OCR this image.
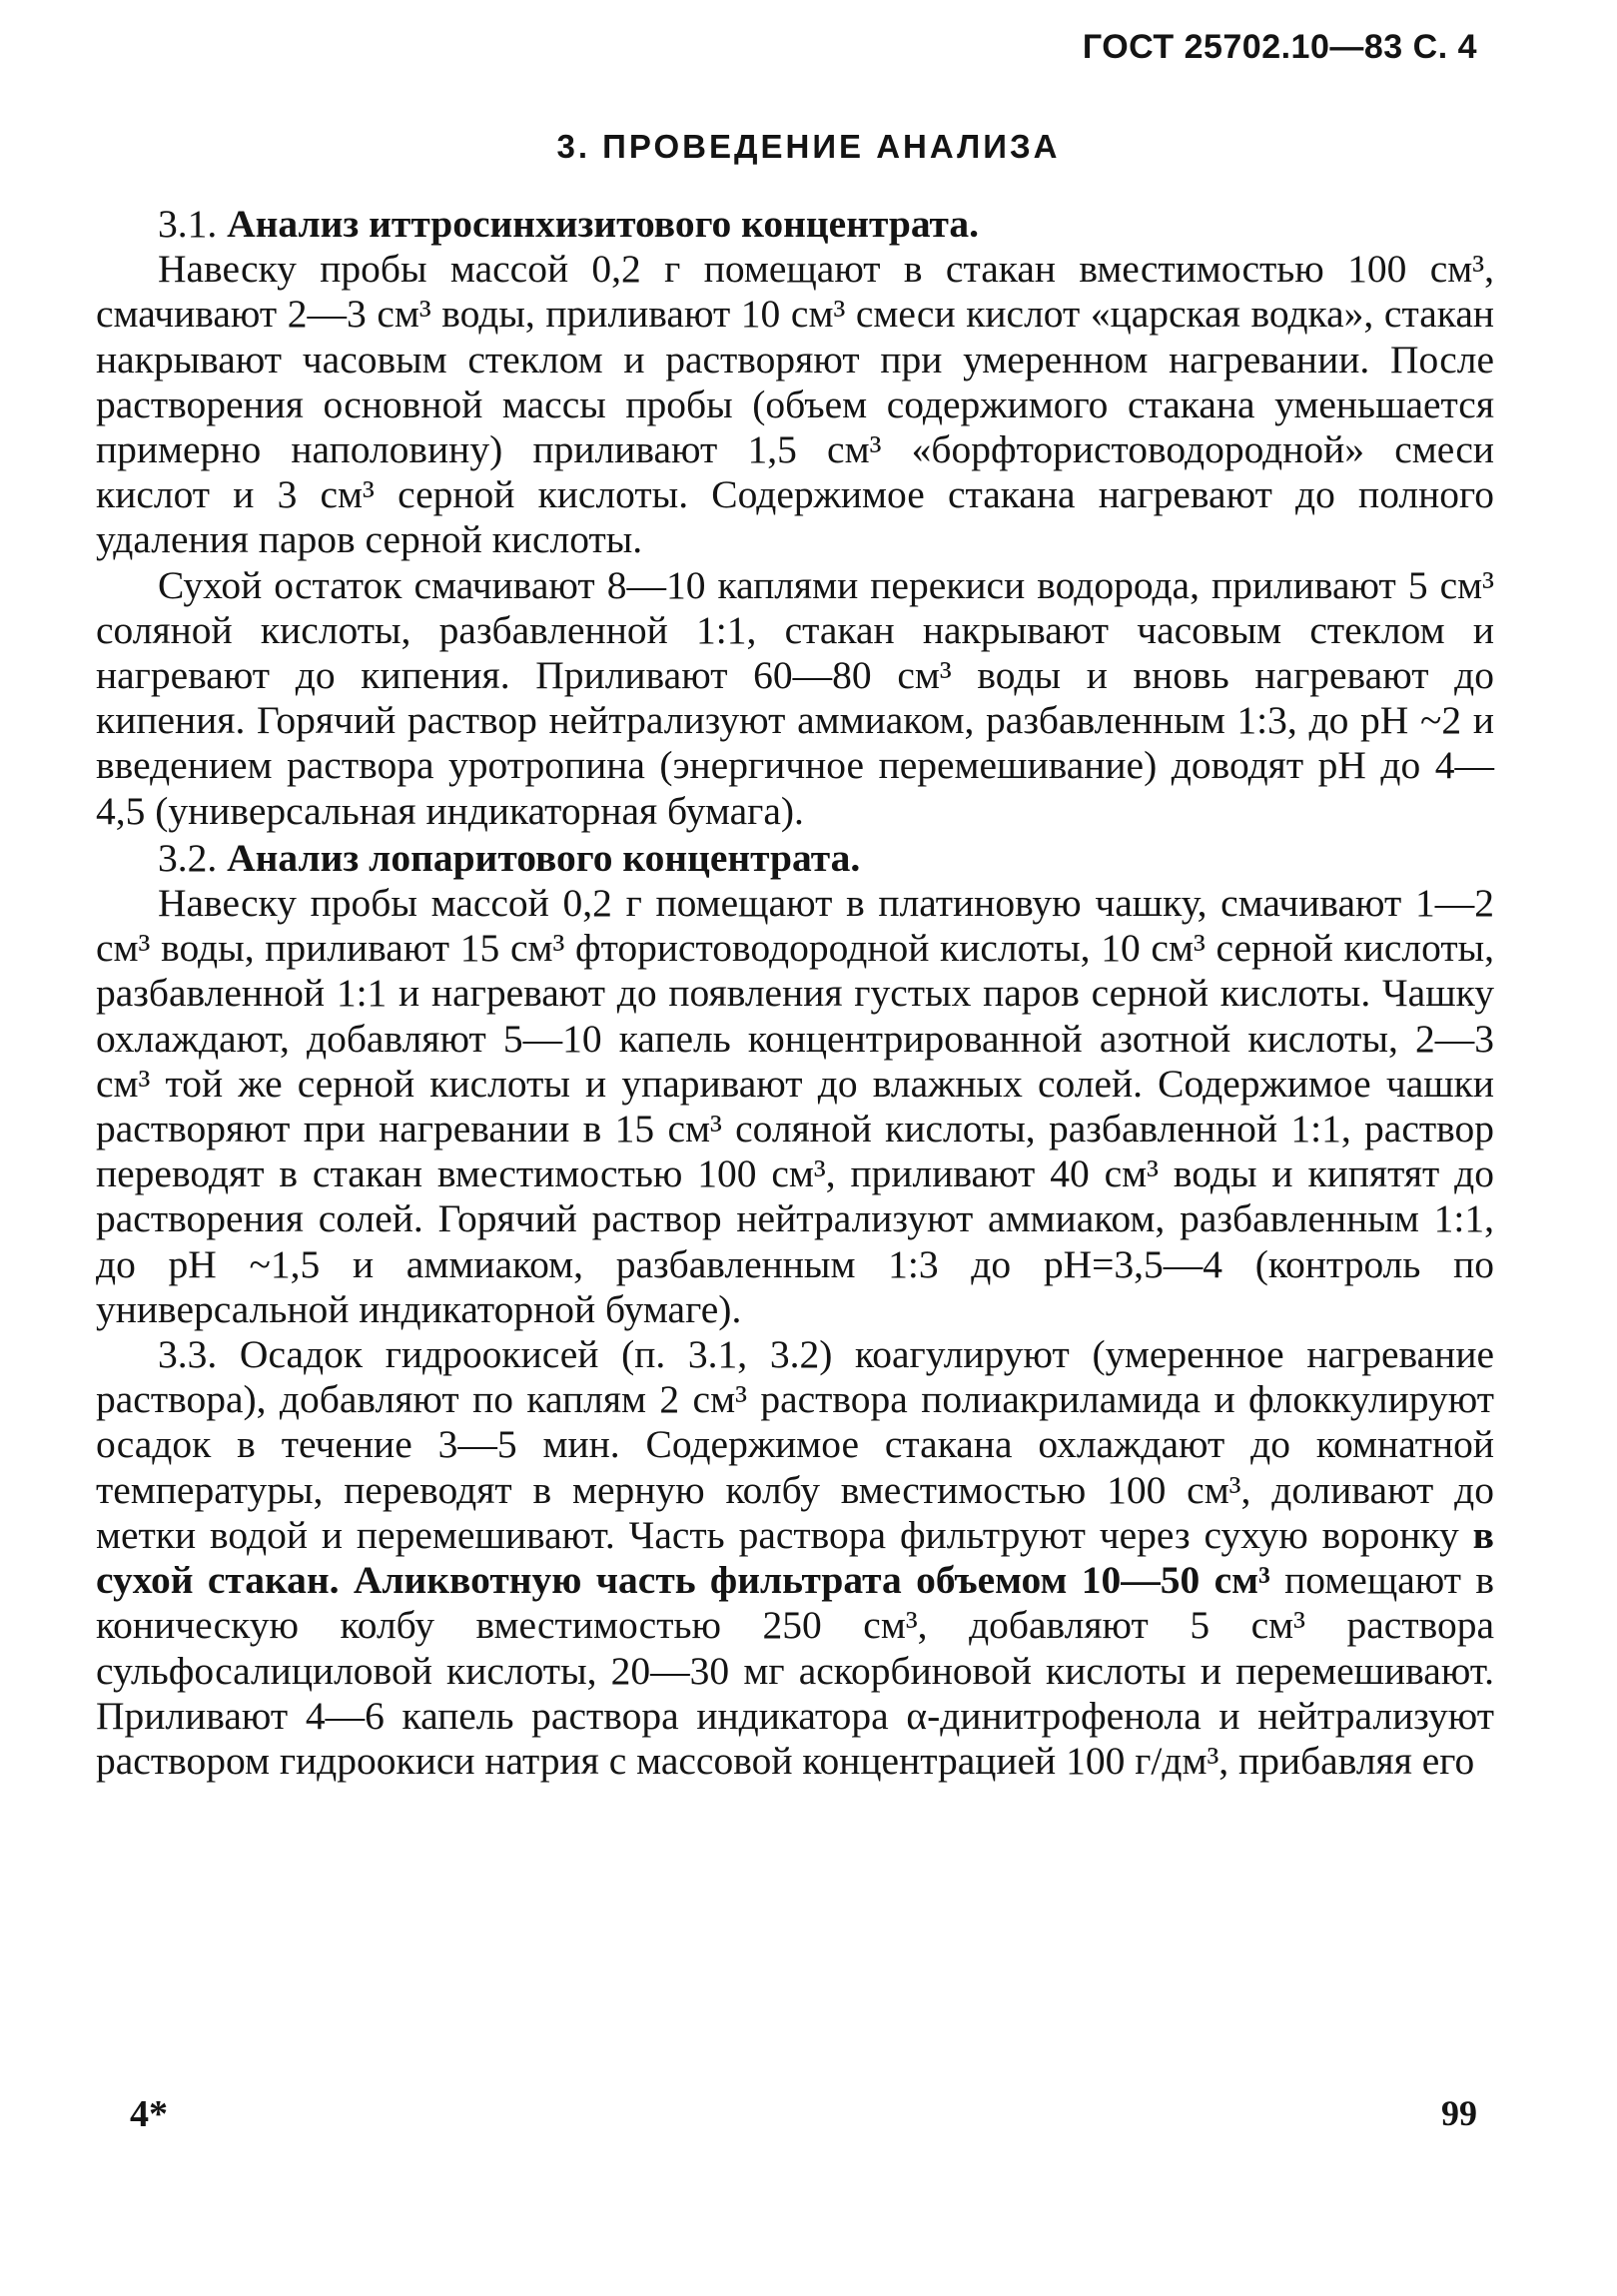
ГОСТ 25702.10—83 С. 4
3. ПРОВЕДЕНИЕ АНАЛИЗА

3.1. Анализ иттросинхизитового концентрата.

Навеску пробы массой 0,2 г помещают в стакан вместимостью 100 см³, смачивают 2—3 см³ воды, приливают 10 см³ смеси кислот «царская водка», стакан накрывают часовым стеклом и растворяют при умеренном нагревании. После растворения основной массы пробы (объем содержимого стакана уменьшается примерно наполовину) приливают 1,5 см³ «борфтористоводородной» смеси кислот и 3 см³ серной кислоты. Содержимое стакана нагревают до полного удаления паров серной кислоты.

Сухой остаток смачивают 8—10 каплями перекиси водорода, приливают 5 см³ соляной кислоты, разбавленной 1:1, стакан накрывают часовым стеклом и нагревают до кипения. Приливают 60—80 см³ воды и вновь нагревают до кипения. Горячий раствор нейтрализуют аммиаком, разбавленным 1:3, до pH ~2 и введением раствора уротропина (энергичное перемешивание) доводят pH до 4—4,5 (универсальная индикаторная бумага).

3.2. Анализ лопаритового концентрата.

Навеску пробы массой 0,2 г помещают в платиновую чашку, смачивают 1—2 см³ воды, приливают 15 см³ фтористоводородной кислоты, 10 см³ серной кислоты, разбавленной 1:1 и нагревают до появления густых паров серной кислоты. Чашку охлаждают, добавляют 5—10 капель концентрированной азотной кислоты, 2—3 см³ той же серной кислоты и упаривают до влажных солей. Содержимое чашки растворяют при нагревании в 15 см³ соляной кислоты, разбавленной 1:1, раствор переводят в стакан вместимостью 100 см³, приливают 40 см³ воды и кипятят до растворения солей. Горячий раствор нейтрализуют аммиаком, разбавленным 1:1, до pH ~1,5 и аммиаком, разбавленным 1:3 до pH=3,5—4 (контроль по универсальной индикаторной бумаге).

3.3. Осадок гидроокисей (п. 3.1, 3.2) коагулируют (умеренное нагревание раствора), добавляют по каплям 2 см³ раствора полиакриламида и флоккулируют осадок в течение 3—5 мин. Содержимое стакана охлаждают до комнатной температуры, переводят в мерную колбу вместимостью 100 см³, доливают до метки водой и перемешивают. Часть раствора фильтруют через сухую воронку в сухой стакан. Аликвотную часть фильтрата объемом 10—50 см³ помещают в коническую колбу вместимостью 250 см³, добавляют 5 см³ раствора сульфосалициловой кислоты, 20—30 мг аскорбиновой кислоты и перемешивают. Приливают 4—6 капель раствора индикатора α-динитрофенола и нейтрализуют раствором гидроокиси натрия с массовой концентрацией 100 г/дм³, прибавляя его

4*	99
